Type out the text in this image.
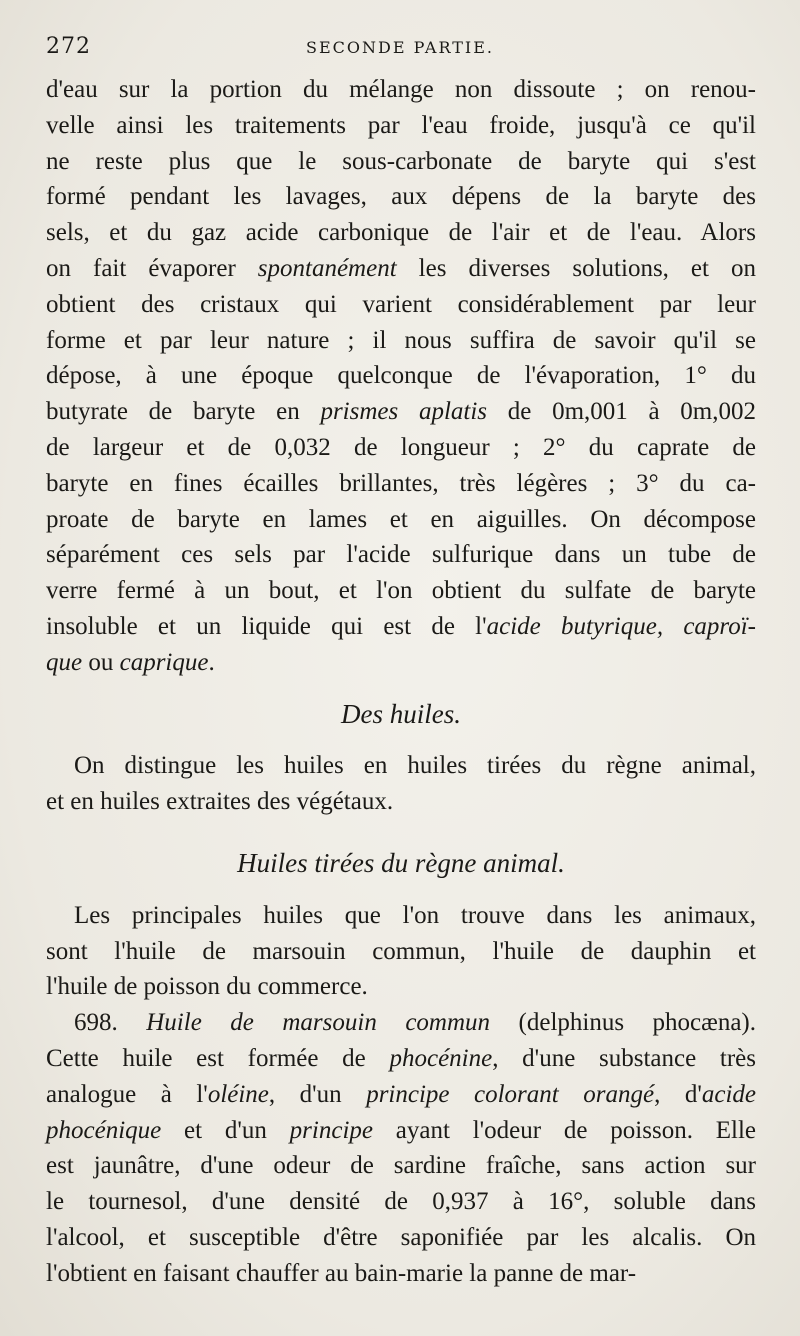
272	SECONDE PARTIE.
d'eau sur la portion du mélange non dissoute ; on renou-
velle ainsi les traitements par l'eau froide, jusqu'à ce qu'il
ne reste plus que le sous-carbonate de baryte qui s'est
formé pendant les lavages, aux dépens de la baryte des
sels, et du gaz acide carbonique de l'air et de l'eau. Alors
on fait évaporer spontanément les diverses solutions, et on
obtient des cristaux qui varient considérablement par leur
forme et par leur nature ; il nous suffira de savoir qu'il se
dépose, à une époque quelconque de l'évaporation, 1° du
butyrate de baryte en prismes aplatis de 0m,001 à 0m,002
de largeur et de 0,032 de longueur ; 2° du caprate de
baryte en fines écailles brillantes, très légères ; 3° du ca-
proate de baryte en lames et en aiguilles. On décompose
séparément ces sels par l'acide sulfurique dans un tube de
verre fermé à un bout, et l'on obtient du sulfate de baryte
insoluble et un liquide qui est de l'acide butyrique, caproï-
que ou caprique.
Des huiles.
On distingue les huiles en huiles tirées du règne animal,
et en huiles extraites des végétaux.
Huiles tirées du règne animal.
Les principales huiles que l'on trouve dans les animaux,
sont l'huile de marsouin commun, l'huile de dauphin et
l'huile de poisson du commerce.
698. Huile de marsouin commun (delphinus phocæna).
Cette huile est formée de phocénine, d'une substance très
analogue à l'oléine, d'un principe colorant orangé, d'acide
phocénique et d'un principe ayant l'odeur de poisson. Elle
est jaunâtre, d'une odeur de sardine fraîche, sans action sur
le tournesol, d'une densité de 0,937 à 16°, soluble dans
l'alcool, et susceptible d'être saponifiée par les alcalis. On
l'obtient en faisant chauffer au bain-marie la panne de mar-
